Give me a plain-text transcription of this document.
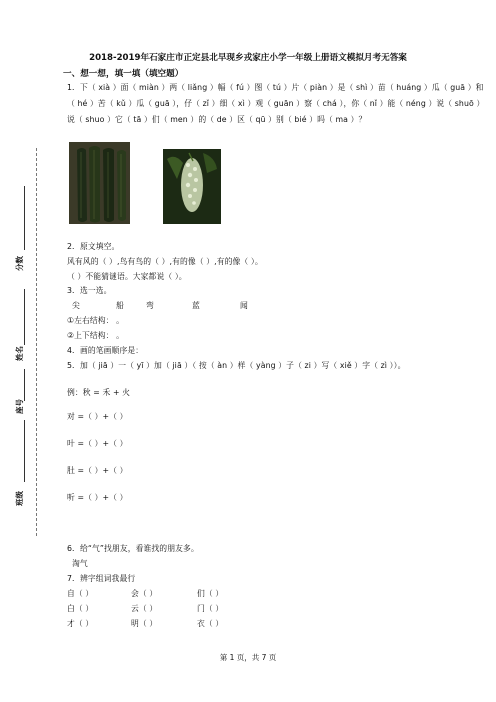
2018-2019年石家庄市正定县北早现乡戎家庄小学一年级上册语文模拟月考无答案
一、想一想，填一填（填空题）
1．下（ xià ）面（ miàn ）两（ liǎng ）幅（ fú ）图（ tú ）片（ piàn ）是（ shì ）苗（ huáng ）瓜（ guā ）和
（ hé ）苦（ kǔ ）瓜（ guā ），仔（ zǐ ）细（ xì ）观（ guān ）察（ chá ），你（ nǐ ）能（ néng ）说（ shuō ）
说（ shuo ）它（ tā ）们（ men ）的（ de ）区（ qū ）别（ bié ）吗（ ma ）？
2．原文填空。
风有风的（ ）,鸟有鸟的（ ）,有的像（ ）,有的像（ ）。
（ ）不能猜谜语。大家都说（ ）。
3．选一选。
尖	船	弯	蓝	闻
①左右结构： 。
②上下结构： 。
4．画的笔画顺序是：
5．加（ jiā ）一（ yī ）加（ jiā ）（ 按（ àn ）样（ yàng ）子（ zi ）写（ xiě ）字（ zì ））。
例：秋 = 禾 + 火
对 =（ ）+（ ）
叶 =（ ）+（ ）
肚 =（ ）+（ ）
听 =（ ）+（ ）
6．给“气”找朋友，看谁找的朋友多。
淘气
7．辨字组词我最行
自（ ）	会（ ）	们（ ）
白（ ）	云（ ）	门（ ）
才（ ）	明（ ）	衣（ ）
分数
姓名
座号
班级
第 1 页，共 7 页
